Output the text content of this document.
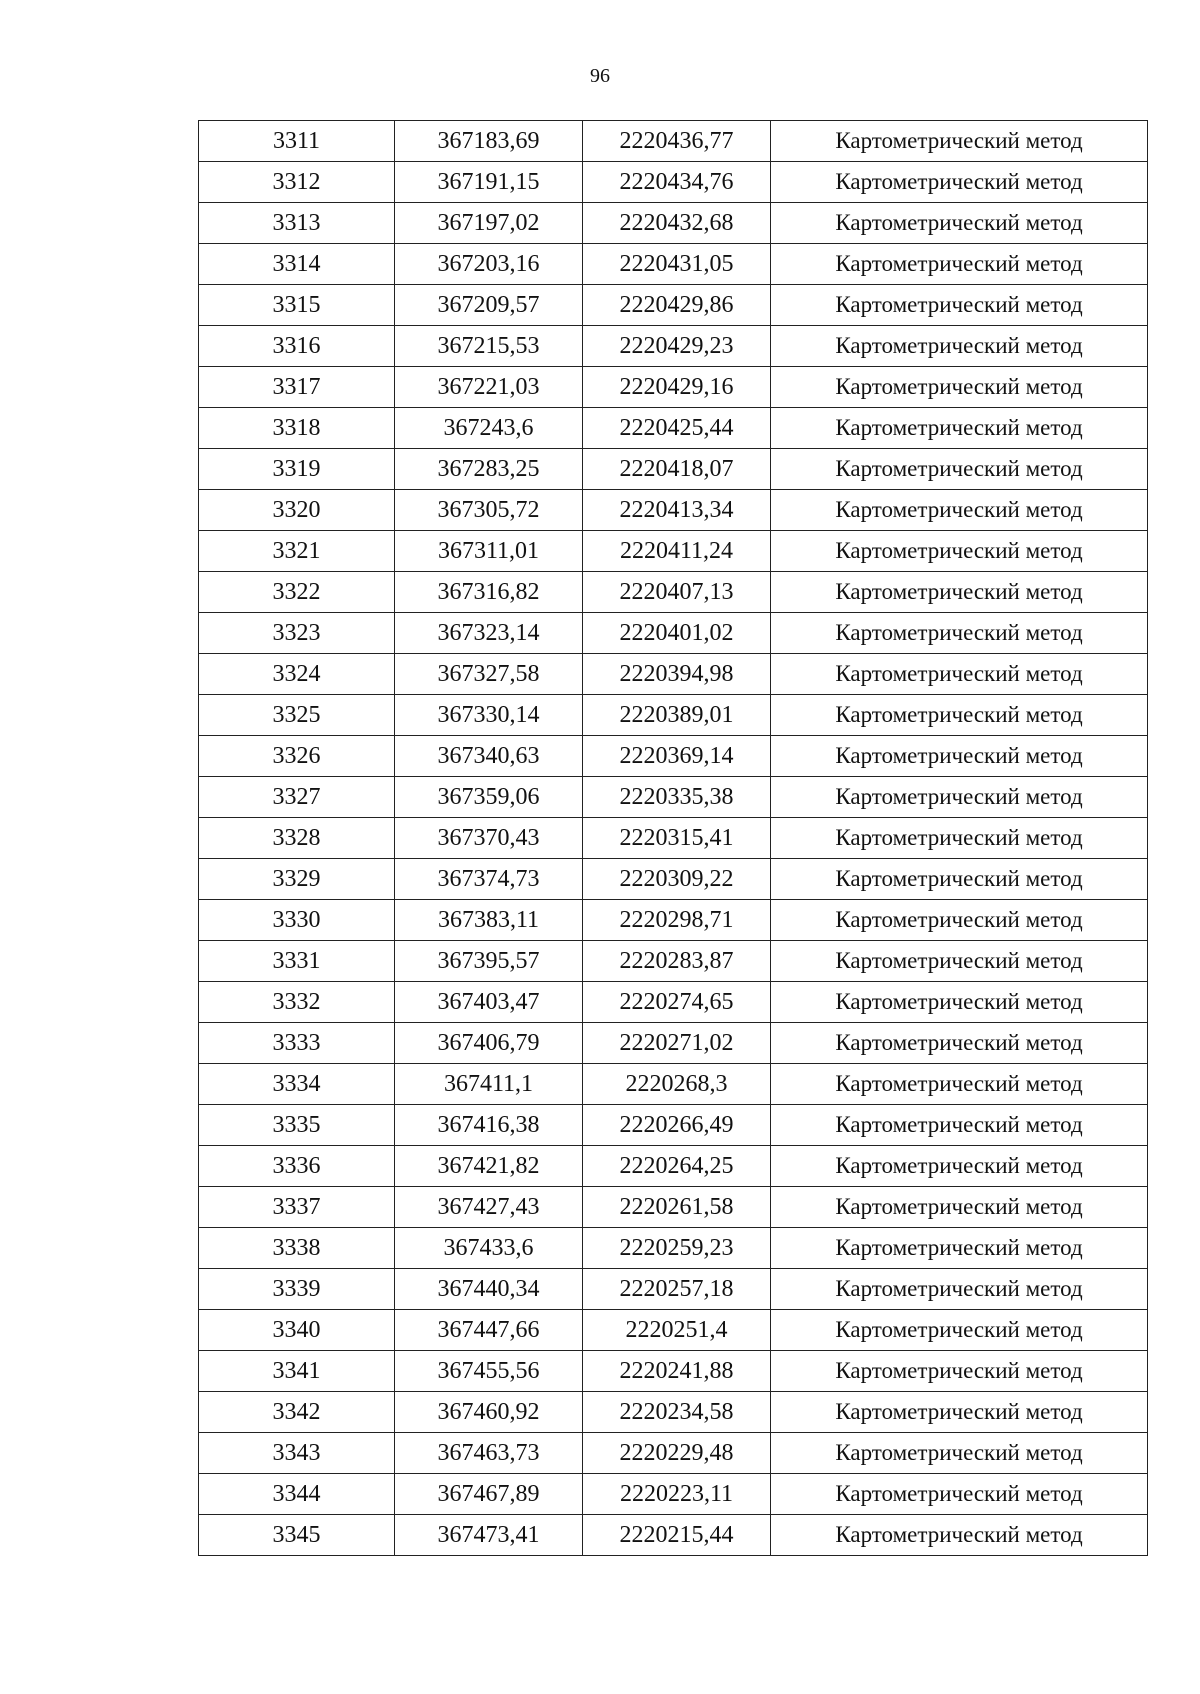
96
3311	367183,69	2220436,77	Картометрический метод
3312	367191,15	2220434,76	Картометрический метод
3313	367197,02	2220432,68	Картометрический метод
3314	367203,16	2220431,05	Картометрический метод
3315	367209,57	2220429,86	Картометрический метод
3316	367215,53	2220429,23	Картометрический метод
3317	367221,03	2220429,16	Картометрический метод
3318	367243,6	2220425,44	Картометрический метод
3319	367283,25	2220418,07	Картометрический метод
3320	367305,72	2220413,34	Картометрический метод
3321	367311,01	2220411,24	Картометрический метод
3322	367316,82	2220407,13	Картометрический метод
3323	367323,14	2220401,02	Картометрический метод
3324	367327,58	2220394,98	Картометрический метод
3325	367330,14	2220389,01	Картометрический метод
3326	367340,63	2220369,14	Картометрический метод
3327	367359,06	2220335,38	Картометрический метод
3328	367370,43	2220315,41	Картометрический метод
3329	367374,73	2220309,22	Картометрический метод
3330	367383,11	2220298,71	Картометрический метод
3331	367395,57	2220283,87	Картометрический метод
3332	367403,47	2220274,65	Картометрический метод
3333	367406,79	2220271,02	Картометрический метод
3334	367411,1	2220268,3	Картометрический метод
3335	367416,38	2220266,49	Картометрический метод
3336	367421,82	2220264,25	Картометрический метод
3337	367427,43	2220261,58	Картометрический метод
3338	367433,6	2220259,23	Картометрический метод
3339	367440,34	2220257,18	Картометрический метод
3340	367447,66	2220251,4	Картометрический метод
3341	367455,56	2220241,88	Картометрический метод
3342	367460,92	2220234,58	Картометрический метод
3343	367463,73	2220229,48	Картометрический метод
3344	367467,89	2220223,11	Картометрический метод
3345	367473,41	2220215,44	Картометрический метод
